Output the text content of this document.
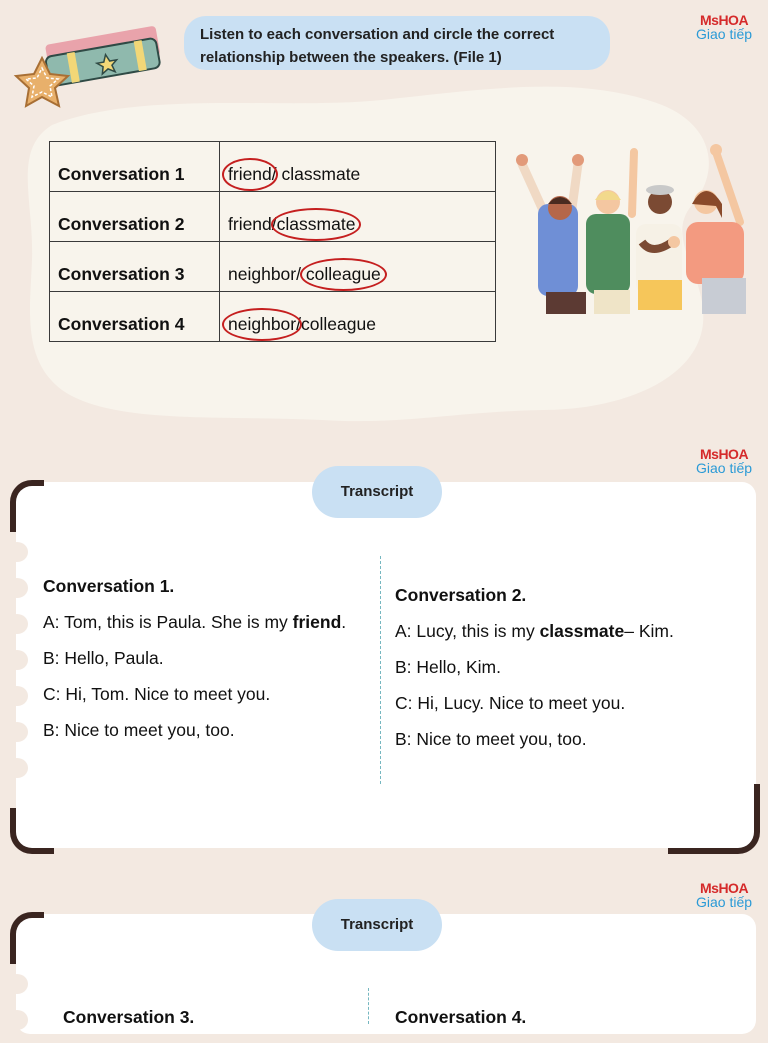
Listen to each conversation and circle the correct relationship between the speakers. (File 1)
MsHOA
Giao tiếp
Conversation 1	friend/ classmate
Conversation 2	friend/classmate
Conversation 3	neighbor/ colleague
Conversation 4	neighbor/colleague
MsHOA
Giao tiếp
Transcript
Conversation 1.
A: Tom, this is Paula. She is my friend.
B: Hello, Paula.
C: Hi, Tom. Nice to meet you.
B: Nice to meet you, too.
Conversation 2.
A: Lucy, this is my classmate– Kim.
B: Hello, Kim.
C: Hi, Lucy. Nice to meet you.
B: Nice to meet you, too.
MsHOA
Giao tiếp
Transcript
Conversation 3.	Conversation 4.
